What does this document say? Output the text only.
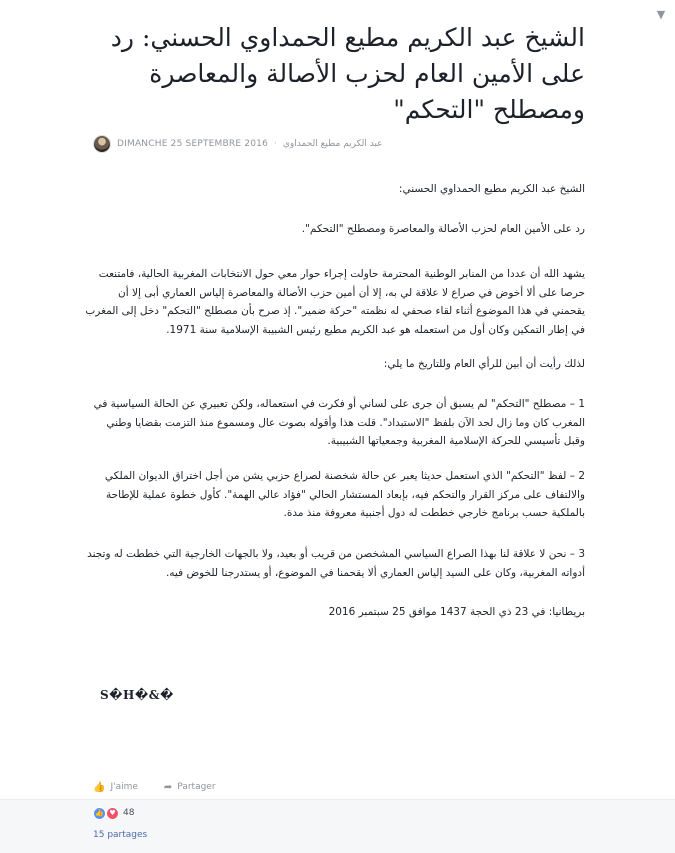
▼
الشيخ عبد الكريم مطيع الحمداوي الحسني: رد على الأمين العام لحزب الأصالة والمعاصرة ومصطلح "التحكم"
DIMANCHE 25 SEPTEMBRE 2016 · عبد الكريم مطيع الحمداوي

الشيخ عبد الكريم مطيع الحمداوي الحسني:

رد على الأمين العام لحزب الأصالة والمعاصرة ومصطلح "التحكم".

يشهد الله أن عددا من المنابر الوطنية المحترمة حاولت إجراء حوار معي حول الانتخابات المغربية الحالية، فامتنعت حرصا على ألا أخوض في صراع لا علاقة لي به، إلا أن أمين حزب الأصالة والمعاصرة إلياس العماري أبى إلا أن يقحمني في هذا الموضوع أثناء لقاء صحفي له نظمته "حركة ضمير". إذ صرح بأن مصطلح "التحكم" دخل إلى المغرب في إطار التمكين وكان أول من استعمله هو عبد الكريم مطيع رئيس الشبيبة الإسلامية سنة 1971.

لذلك رأيت أن أبين للرأي العام وللتاريخ ما يلي:

1 – مصطلح "التحكم" لم يسبق أن جرى على لساني أو فكرت في استعماله، ولكن تعبيري عن الحالة السياسية في المغرب كان وما زال لحد الآن بلفظ "الاستبداد". قلت هذا وأقوله بصوت عال ومسموع منذ التزمت بقضايا وطني وقبل تأسيسي للحركة الإسلامية المغربية وجمعياتها الشبيبية.

2 – لفظ "التحكم" الذي استعمل حديثا يعبر عن حالة شخصنة لصراع حزبي يشن من أجل اختراق الديوان الملكي والالتفاف على مركز القرار والتحكم فيه، بإبعاد المستشار الحالي "فؤاد عالي الهمة". كأول خطوة عملية للإطاحة بالملكية حسب برنامج خارجي خططت له دول أجنبية معروفة منذ مدة.

3 – نحن لا علاقة لنا بهذا الصراع السياسي المشخصن من قريب أو بعيد، ولا بالجهات الخارجية التي خططت له وتجند أدواته المغربية، وكان على السيد إلياس العماري ألا يقحمنا في الموضوع، أو يستدرجنا للخوض فيه.

بريطانيا: في 23 ذي الحجة 1437 موافق 25 سبتمبر 2016

S�H�&�
👍 J'aime	➦ Partager
👍 ♥ 48
15 partages
